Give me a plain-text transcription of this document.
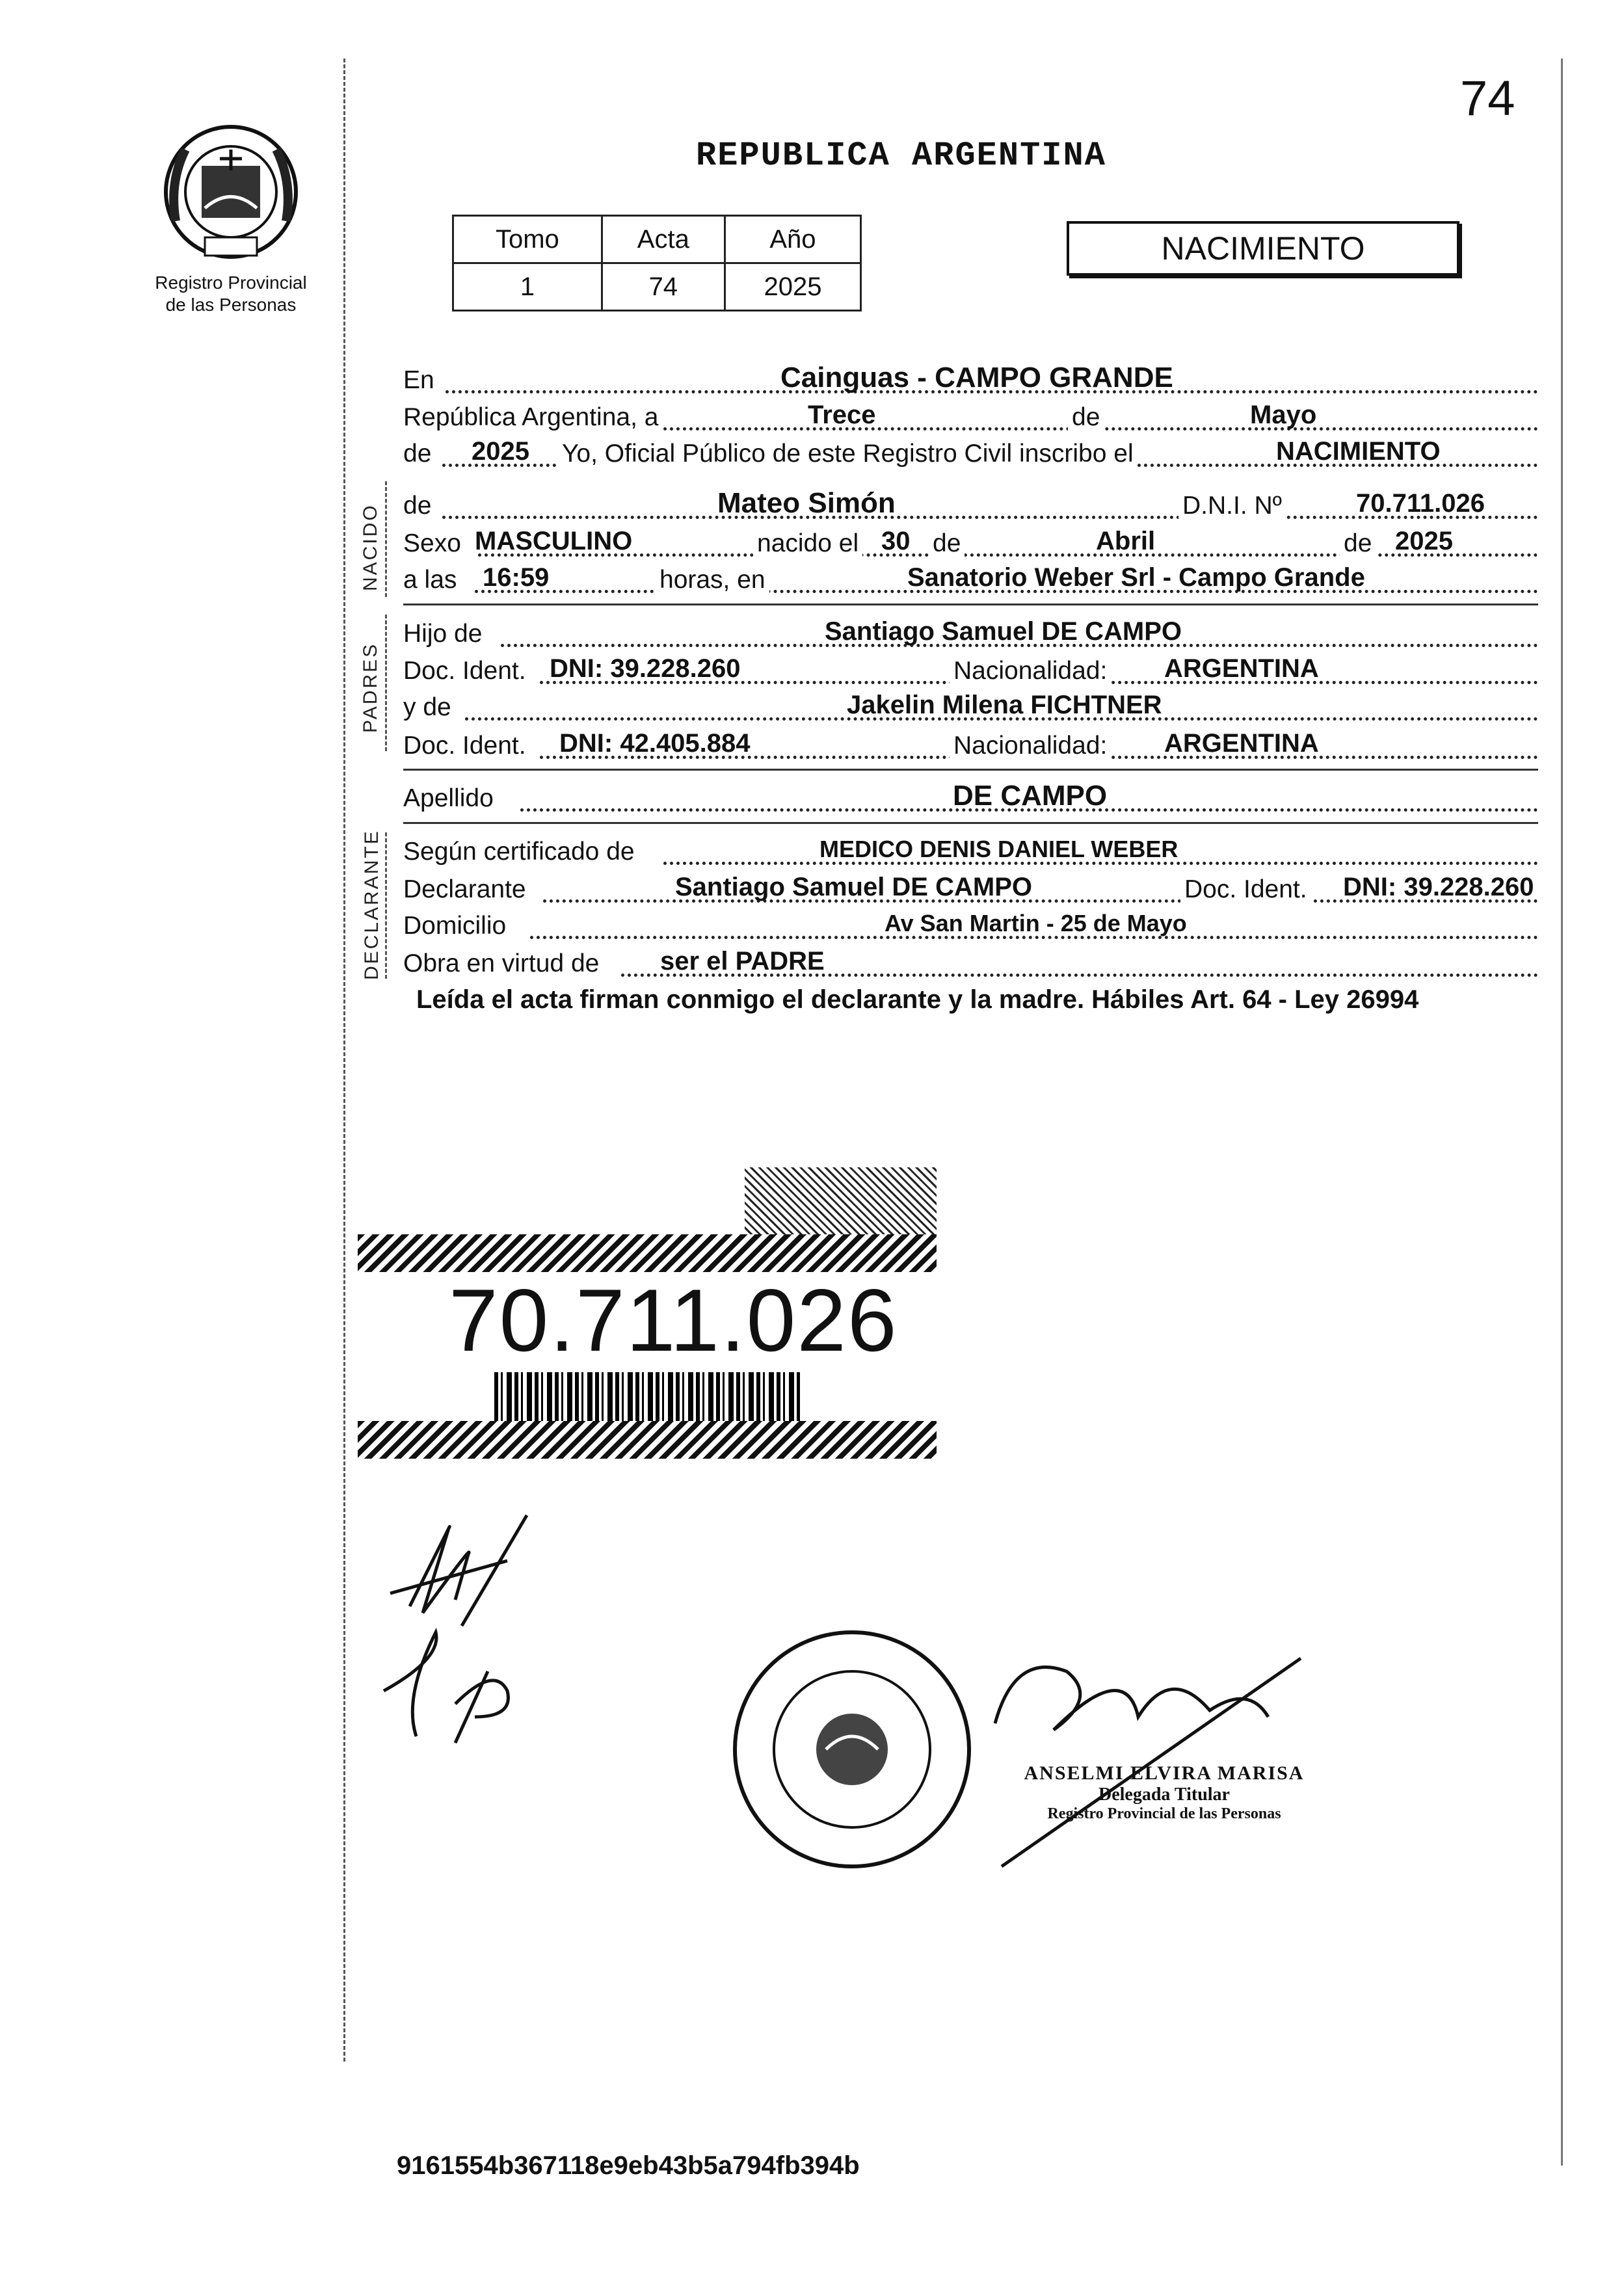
74
Registro Provincial
de las Personas
REPUBLICA ARGENTINA
Tomo	Acta	Año
1	74	2025
NACIMIENTO
En	Cainguas - CAMPO GRANDE
República Argentina, a	Trece	de	Mayo
de 2025 Yo, Oficial Público de este Registro Civil inscribo el	NACIMIENTO
NACIDO de	Mateo Simón	D.N.I. Nº	70.711.026
Sexo MASCULINO	nacido el 30 de	Abril	de 2025
a las 16:59	horas, en	Sanatorio Weber Srl - Campo Grande
PADRES
Hijo de	Santiago Samuel DE CAMPO
Doc. Ident. DNI: 39.228.260	Nacionalidad: ARGENTINA
y de	Jakelin Milena FICHTNER
Doc. Ident. DNI: 42.405.884	Nacionalidad: ARGENTINA
Apellido	DE CAMPO
DECLARANTE Según certificado de	MEDICO DENIS DANIEL WEBER
Declarante	Santiago Samuel DE CAMPO	Doc. Ident. DNI: 39.228.260
Domicilio	Av San Martin - 25 de Mayo
Obra en virtud de ser el PADRE
Leída el acta firman conmigo el declarante y la madre. Hábiles Art. 64 - Ley 26994
70.711.026
ANSELMI ELVIRA MARISA
Delegada Titular
Registro Provincial de las Personas
9161554b367118e9eb43b5a794fb394b
